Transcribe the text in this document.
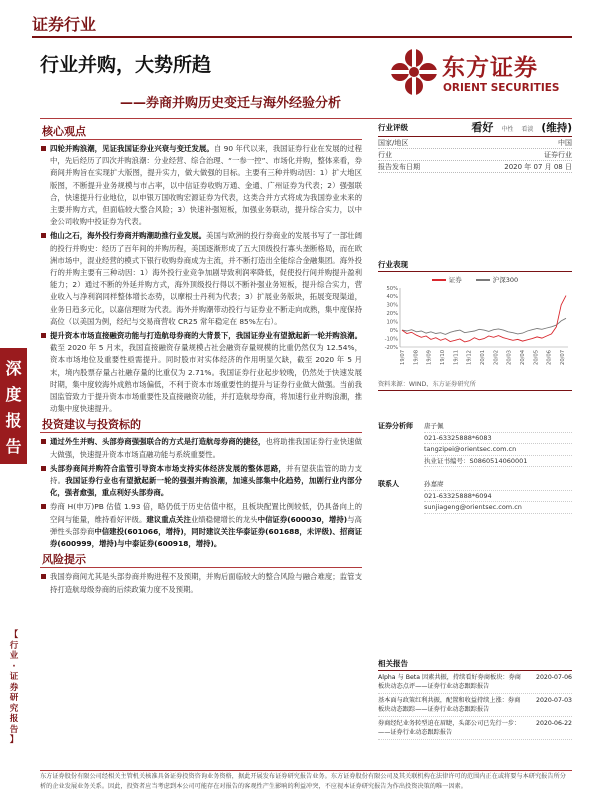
证券行业
深
度
报
告
【
行
业
·
证
券
研
究
报
告
】
行业并购，大势所趋
——券商并购历史变迁与海外经验分析
东方证券
ORIENT SECURITIES
核心观点
四轮并购浪潮，见证我国证券业兴衰与变迁发展。自 90 年代以来，我国证券行业在发展的过程中，先后经历了四次并购浪潮：分业经营、综合治理、“一参一控”、市场化并购，整体来看，券商间并购旨在实现扩大版图，提升实力，做大做强的目标。主要有三种并购动因：1）扩大地区版图，不断提升业务规模与市占率，以中信证券收购万通、金通、广州证券为代表；2）强强联合，快速提升行业地位，以申银万国收购宏源证券为代表，这类合并方式将成为我国券业未来的主要并购方式，但面临较大整合风险；3）快速补强短板，加强业务联动，提升综合实力，以中金公司收购中投证券为代表。
他山之石，海外投行券商并购潮助推行业发展。美国与欧洲的投行券商业的发展书写了一部壮阔的投行并购史：经历了百年间的并购历程，美国逐渐形成了五大顶级投行寡头垄断格局，而在欧洲市场中，混业经营的模式下银行收购券商成为主流，并不断打造出全能综合金融集团。海外投行的并购主要有三种动因：1）海外投行业竞争加剧导致利润率降低，促使投行间并购提升盈利能力；2）通过不断的外延并购方式，海外顶级投行得以不断补强业务短板，提升综合实力，营业收入与净利润同样整体增长态势，以摩根士丹利为代表；3）扩展业务版块，拓展变现渠道，业务日趋多元化，以嘉信理财为代表。海外并购潮带动投行与证券业不断走向成熟，集中度保持高位（以美国为例，经纪与交易商营收 CR25 常年稳定在 85%左右）。
提升资本市场直接融资功能与打造航母券商的大背景下，我国证券业有望掀起新一轮并购浪潮。截至 2020 年 5 月末，我国直接融资存量规模占社会融资存量规模的比重仍然仅为 12.54%，资本市场地位及重要性亟需提升。同时股市对实体经济的作用明显欠缺，截至 2020 年 5 月末，境内股票存量占社融存量的比重仅为 2.71%。我国证券行业起步较晚，仍然处于快速发展时期，集中度较海外成熟市场偏低，不利于资本市场重要性的提升与证券行业做大做强。当前我国监管致力于提升资本市场重要性及直接融资功能，并打造航母券商，将加速行业并购浪潮，推动集中度快速提升。
投资建议与投资标的
通过外生并购、头部券商强强联合的方式是打造航母券商的捷径，也将助推我国证券行业快速做大做强，快速提升资本市场直融功能与系统重要性。
头部券商间并购符合监管引导资本市场支持实体经济发展的整体思路，并有望获监管的助力支持。我国证券行业也有望掀起新一轮的强强并购浪潮，加速头部集中化趋势，加剧行业内部分化，强者愈强，重点利好头部券商。
券商 H(申万)PB 估值 1.93 倍，略仍低于历史估值中枢，且板块配置比例较低，仍具备向上的空间与能量，维持看好评级。建议重点关注业绩稳健增长的龙头中信证券(600030，增持)与高弹性头部券商中信建投(601066，增持)，同时建议关注华泰证券(601688，未评级)、招商证券(600999，增持)与中泰证券(600918，增持)。
风险提示
我国券商间尤其是头部券商并购进程不及预期，并购后面临较大的整合风险与融合难度；监管支持打造航母级券商的后续政策力度不及预期。
行业评级	看好 中性 看淡 (维持)
国家/地区	中国
行业	证券行业
报告发布日期	2020 年 07 月 08 日
行业表现
证券	沪深300
50%
40%
30%
20%
10%
0%
-10%
-20%
19/07 19/08 19/09 19/10 19/11 19/12 20/01 20/02 20/03 20/04 20/05 20/06 20/07
资料来源：WIND、东方证券研究所
证券分析师	唐子佩
021-63325888*6083
tangzipei@orientsec.com.cn
执业证书编号：S0860514060001
联系人	孙嘉赓
021-63325888*6094
sunjiageng@orientsec.com.cn
相关报告
Alpha 与 Beta 因素共振，持续看好券商板块：券商板块动态点评——证券行业动态跟踪报告
2020-07-06
基本面与政策红利共振，配置和收益持续上涨：券商板块动态跟踪——证券行业动态跟踪报告
2020-07-03
券商经纪业务转型迫在眉睫，头部公司已先行一步：——证券行业动态跟踪报告
2020-06-22
东方证券股份有限公司经相关主管机关核准具备证券投资咨询业务资格，据此开展发布证券研究报告业务。东方证券股份有限公司及其关联机构在法律许可的范围内正在或将要与本研究报告所分析的企业发展业务关系。因此，投资者应当考虑到本公司可能存在对报告的客观性产生影响的利益冲突，不应视本证券研究报告为作出投资决策的唯一因素。
